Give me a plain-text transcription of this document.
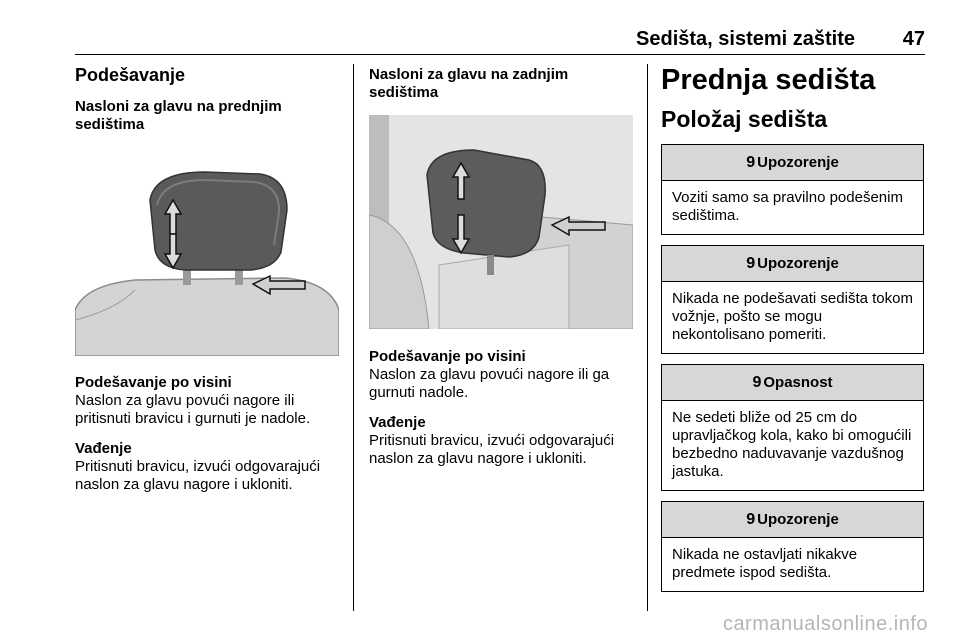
Sedišta, sistemi zaštite 47

Podešavanje

Nasloni za glavu na prednjim sedištima

Podešavanje po visini

Naslon za glavu povući nagore ili pritisnuti bravicu i gurnuti je nadole.

Vađenje

Pritisnuti bravicu, izvući odgovarajući naslon za glavu nagore i ukloniti.

Nasloni za glavu na zadnjim sedištima

Podešavanje po visini

Naslon za glavu povući nagore ili ga gurnuti nadole.

Vađenje

Pritisnuti bravicu, izvući odgovarajući naslon za glavu nagore i ukloniti.

Prednja sedišta

Položaj sedišta

9 Upozorenje
Voziti samo sa pravilno podešenim sedištima.
9 Upozorenje
Nikada ne podešavati sedišta tokom vožnje, pošto se mogu nekontolisano pomeriti.
9 Opasnost
Ne sedeti bliže od 25 cm do upravljačkog kola, kako bi omogućili bezbedno naduvavanje vazdušnog jastuka.
9 Upozorenje
Nikada ne ostavljati nikakve predmete ispod sedišta.
carmanualsonline.info
